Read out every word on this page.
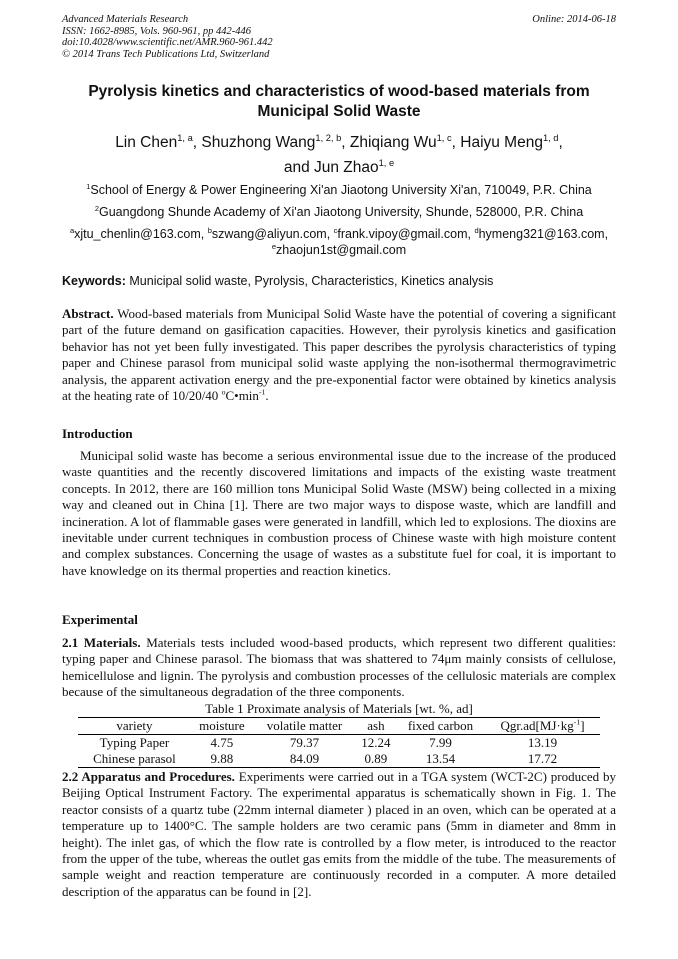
Advanced Materials Research
ISSN: 1662-8985, Vols. 960-961, pp 442-446
doi:10.4028/www.scientific.net/AMR.960-961.442
© 2014 Trans Tech Publications Ltd, Switzerland
Online: 2014-06-18
Pyrolysis kinetics and characteristics of wood-based materials from Municipal Solid Waste
Lin Chen$^{1, a}$, Shuzhong Wang$^{1, 2, b}$, Zhiqiang Wu$^{1, c}$, Haiyu Meng$^{1, d}$,
and Jun Zhao$^{1, e}$
$^1$School of Energy & Power Engineering Xi'an Jiaotong University Xi'an, 710049, P.R. China
$^2$Guangdong Shunde Academy of Xi'an Jiaotong University, Shunde, 528000, P.R. China
$^a$xjtu_chenlin@163.com, $^b$szwang@aliyun.com, $^c$frank.vipoy@gmail.com, $^d$hymeng321@163.com,
$^e$zhaojun1st@gmail.com
Keywords: Municipal solid waste, Pyrolysis, Characteristics, Kinetics analysis
Abstract. Wood-based materials from Municipal Solid Waste have the potential of covering a significant part of the future demand on gasification capacities. However, their pyrolysis kinetics and gasification behavior has not yet been fully investigated. This paper describes the pyrolysis characteristics of typing paper and Chinese parasol from municipal solid waste applying the non-isothermal thermogravimetric analysis, the apparent activation energy and the pre-exponential factor were obtained by kinetics analysis at the heating rate of 10/20/40 $^oC•\min^{-1}$.
Introduction
Municipal solid waste has become a serious environmental issue due to the increase of the produced waste quantities and the recently discovered limitations and impacts of the existing waste treatment concepts. In 2012, there are 160 million tons Municipal Solid Waste (MSW) being collected in a mixing way and cleaned out in China [1]. There are two major ways to dispose waste, which are landfill and incineration. A lot of flammable gases were generated in landfill, which led to explosions. The dioxins are inevitable under current techniques in combustion process of Chinese waste with high moisture content and complex substances. Concerning the usage of wastes as a substitute fuel for coal, it is important to have knowledge on its thermal properties and reaction kinetics.
Experimental
2.1 Materials. Materials tests included wood-based products, which represent two different qualities: typing paper and Chinese parasol. The biomass that was shattered to 74μm mainly consists of cellulose, hemicellulose and lignin. The pyrolysis and combustion processes of the cellulosic materials are complex because of the simultaneous degradation of the three components.
Table 1 Proximate analysis of Materials [wt. %, ad]
variety	moisture	volatile matter	ash	fixed carbon	$Qgr.ad[MJ\cdot kg^{-1}]$
Typing Paper	4.75	79.37	12.24	7.99	13.19
Chinese parasol	9.88	84.09	0.89	13.54	17.72
2.2 Apparatus and Procedures. Experiments were carried out in a TGA system (WCT-2C) produced by Beijing Optical Instrument Factory. The experimental apparatus is schematically shown in Fig. 1. The reactor consists of a quartz tube (22mm internal diameter ) placed in an oven, which can be operated at a temperature up to 1400°C. The sample holders are two ceramic pans (5mm in diameter and 8mm in height). The inlet gas, of which the flow rate is controlled by a flow meter, is introduced to the reactor from the upper of the tube, whereas the outlet gas emits from the middle of the tube. The measurements of sample weight and reaction temperature are continuously recorded in a computer. A more detailed description of the apparatus can be found in [2].
